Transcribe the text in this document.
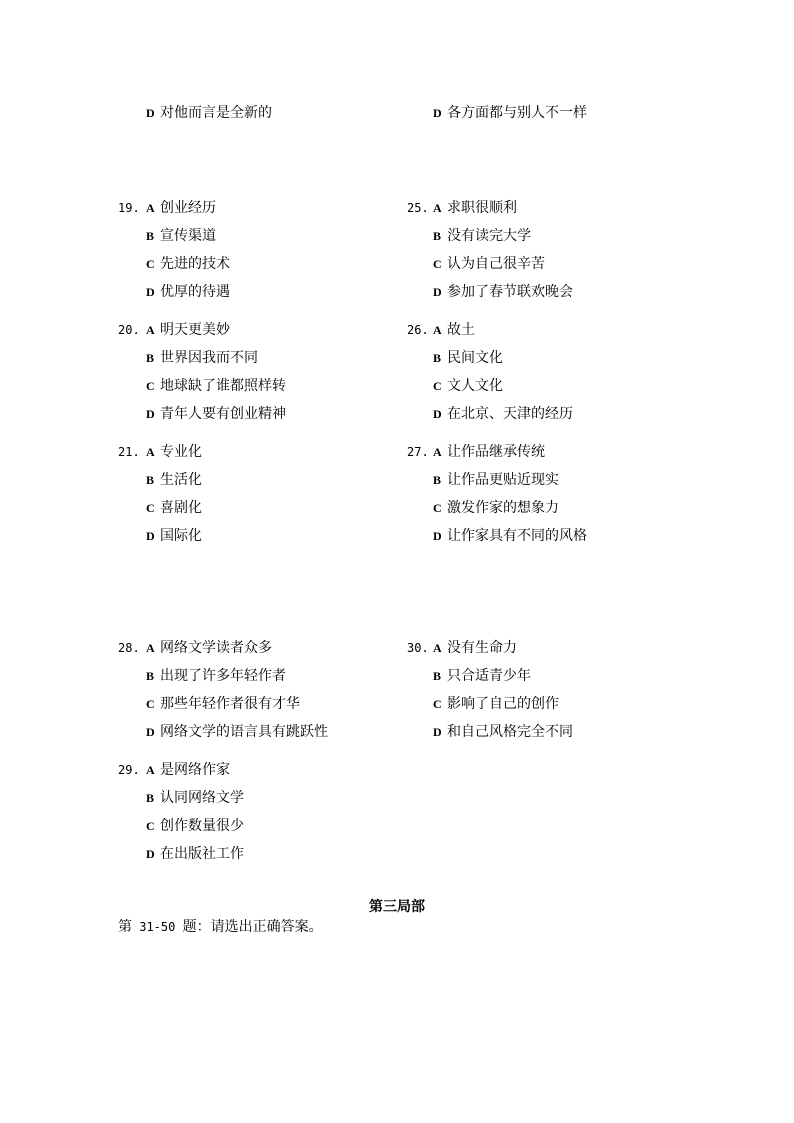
D 对他而言是全新的	D 各方面都与别人不一样
19. A 创业经历
B 宣传渠道
C 先进的技术
D 优厚的待遇
25. A 求职很顺利
B 没有读完大学
C 认为自己很辛苦
D 参加了春节联欢晚会
20. A 明天更美妙
B 世界因我而不同
C 地球缺了谁都照样转
D 青年人要有创业精神
26. A 故土
B 民间文化
C 文人文化
D 在北京、天津的经历
21. A 专业化
B 生活化
C 喜剧化
D 国际化
27. A 让作品继承传统
B 让作品更贴近现实
C 激发作家的想象力
D 让作家具有不同的风格
28. A 网络文学读者众多
B 出现了许多年轻作者
C 那些年轻作者很有才华
D 网络文学的语言具有跳跃性
30. A 没有生命力
B 只合适青少年
C 影响了自己的创作
D 和自己风格完全不同
29. A 是网络作家
B 认同网络文学
C 创作数量很少
D 在出版社工作
第三局部
第 31-50 题：请选出正确答案。
